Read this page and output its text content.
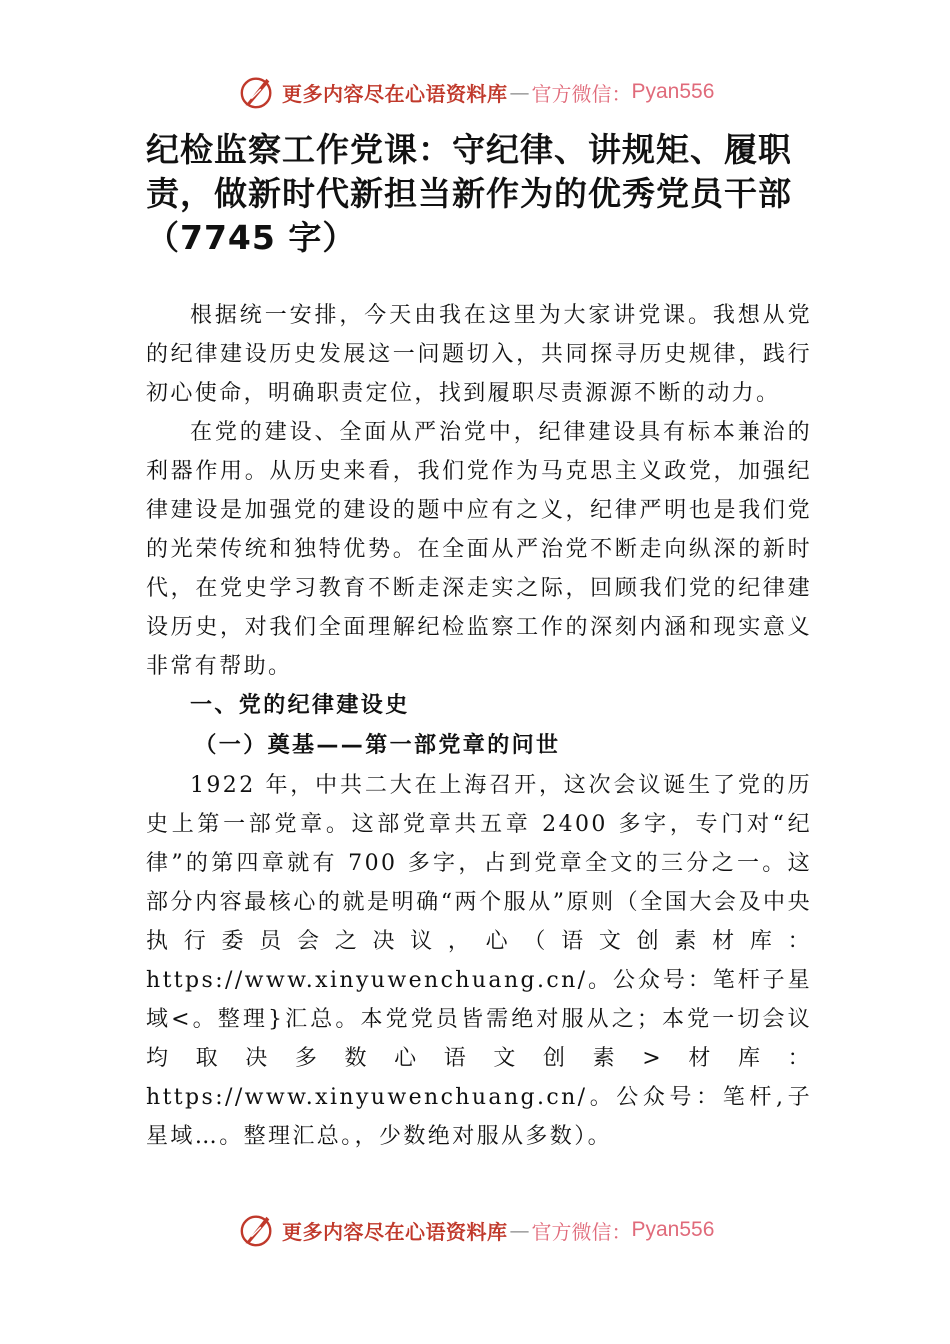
更多内容尽在心语资料库 — 官方微信： Pyan556
纪检监察工作党课：守纪律、讲规矩、履职责，做新时代新担当新作为的优秀党员干部（7745 字）

根据统一安排，今天由我在这里为大家讲党课。我想从党的纪律建设历史发展这一问题切入，共同探寻历史规律，践行初心使命，明确职责定位，找到履职尽责源源不断的动力。

在党的建设、全面从严治党中，纪律建设具有标本兼治的利器作用。从历史来看，我们党作为马克思主义政党，加强纪律建设是加强党的建设的题中应有之义，纪律严明也是我们党的光荣传统和独特优势。在全面从严治党不断走向纵深的新时代，在党史学习教育不断走深走实之际，回顾我们党的纪律建设历史，对我们全面理解纪检监察工作的深刻内涵和现实意义非常有帮助。

一、党的纪律建设史
（一）奠基——第一部党章的问世

1922 年，中共二大在上海召开，这次会议诞生了党的历史上第一部党章。这部党章共五章 2400 多字，专门对“纪律”的第四章就有 700 多字，占到党章全文的三分之一。这部分内容最核心的就是明确“两个服从”原则（全国大会及中央执行委员会之决议，心（语文创素材库：https://www.xinyuwenchuang.cn/。公众号：笔杆子星域<。整理}汇总。本党党员皆需绝对服从之；本党一切会议均取决多数心语文创素>材库：https://www.xinyuwenchuang.cn/。公众号：笔杆,子星域…。整理汇总。，少数绝对服从多数）。

更多内容尽在心语资料库 — 官方微信： Pyan556
